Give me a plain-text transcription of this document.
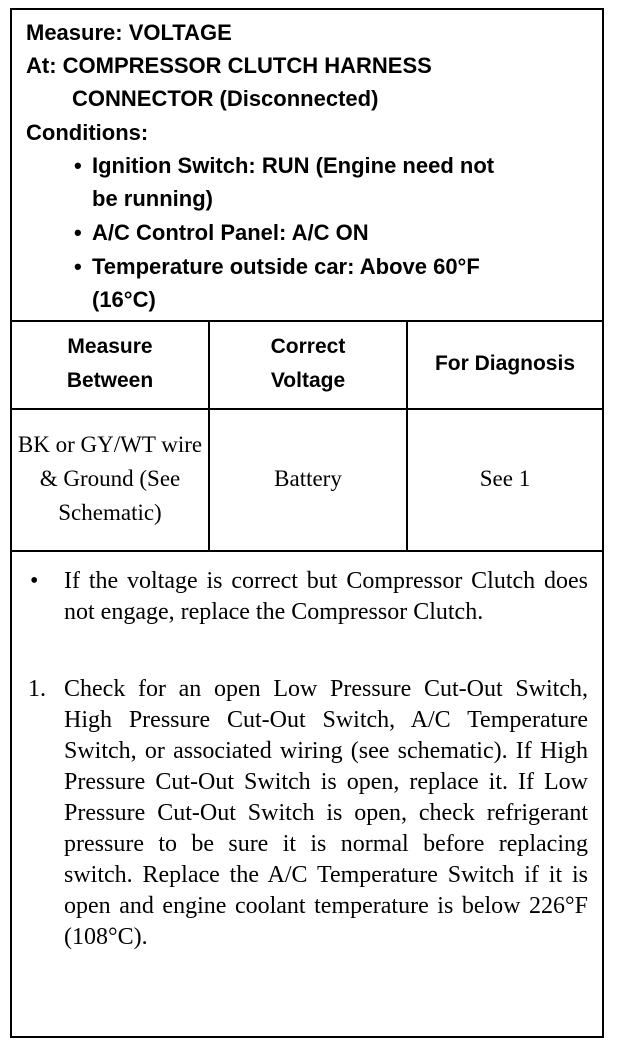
Measure: VOLTAGE
At: COMPRESSOR CLUTCH HARNESS
CONNECTOR (Disconnected)
Conditions:
• Ignition Switch: RUN (Engine need not
be running)
• A/C Control Panel: A/C ON
• Temperature outside car: Above 60°F
(16°C)
Measure Between
Correct Voltage
For Diagnosis
BK or GY/WT wire & Ground (See Schematic)
Battery	See 1
• If the voltage is correct but Compressor Clutch does not engage, replace the Compressor Clutch.
1. Check for an open Low Pressure Cut-Out Switch, High Pressure Cut-Out Switch, A/C Temperature Switch, or associated wiring (see schematic). If High Pressure Cut-Out Switch is open, replace it. If Low Pressure Cut-Out Switch is open, check refrigerant pressure to be sure it is normal before replacing switch. Replace the A/C Temperature Switch if it is open and engine coolant temperature is below 226°F (108°C).
